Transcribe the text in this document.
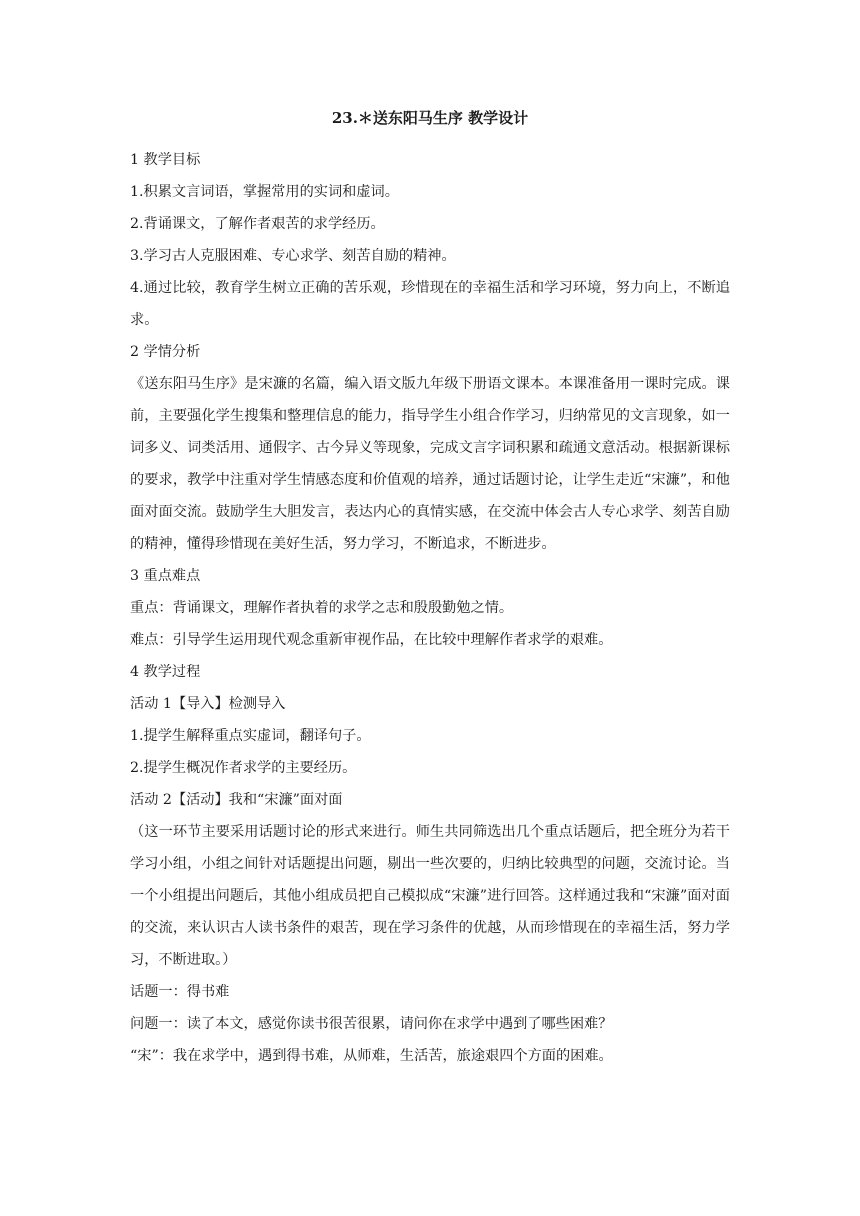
23.＊送东阳马生序 教学设计

1 教学目标

1.积累文言词语，掌握常用的实词和虚词。

2.背诵课文，了解作者艰苦的求学经历。

3.学习古人克服困难、专心求学、刻苦自励的精神。

4.通过比较，教育学生树立正确的苦乐观，珍惜现在的幸福生活和学习环境，努力向上，不断追求。

2 学情分析

《送东阳马生序》是宋濂的名篇，编入语文版九年级下册语文课本。本课准备用一课时完成。课前，主要强化学生搜集和整理信息的能力，指导学生小组合作学习，归纳常见的文言现象，如一词多义、词类活用、通假字、古今异义等现象，完成文言字词积累和疏通文意活动。根据新课标的要求，教学中注重对学生情感态度和价值观的培养，通过话题讨论，让学生走近“宋濂”，和他面对面交流。鼓励学生大胆发言，表达内心的真情实感，在交流中体会古人专心求学、刻苦自励的精神，懂得珍惜现在美好生活，努力学习，不断追求，不断进步。

3 重点难点

重点：背诵课文，理解作者执着的求学之志和殷殷勤勉之情。

难点：引导学生运用现代观念重新审视作品，在比较中理解作者求学的艰难。

4 教学过程

活动 1【导入】检测导入

1.提学生解释重点实虚词，翻译句子。

2.提学生概况作者求学的主要经历。

活动 2【活动】我和“宋濂”面对面

（这一环节主要采用话题讨论的形式来进行。师生共同筛选出几个重点话题后，把全班分为若干学习小组，小组之间针对话题提出问题，剔出一些次要的，归纳比较典型的问题，交流讨论。当一个小组提出问题后，其他小组成员把自己模拟成“宋濂”进行回答。这样通过我和“宋濂”面对面的交流，来认识古人读书条件的艰苦，现在学习条件的优越，从而珍惜现在的幸福生活，努力学习，不断进取。）

话题一：得书难

问题一：读了本文，感觉你读书很苦很累，请问你在求学中遇到了哪些困难？

“宋”：我在求学中，遇到得书难，从师难，生活苦，旅途艰四个方面的困难。
